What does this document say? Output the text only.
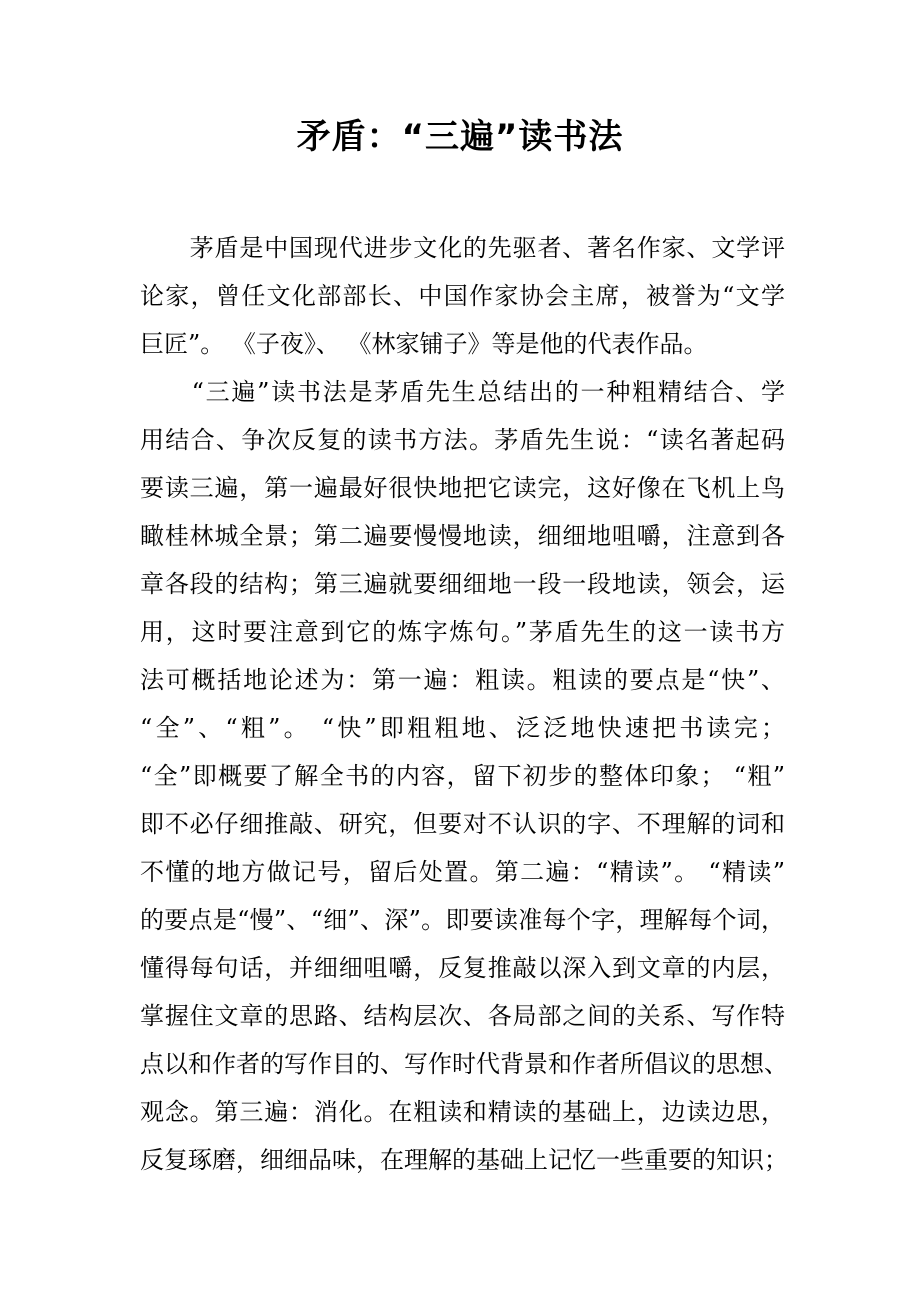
矛盾：“三遍”读书法

　　茅盾是中国现代进步文化的先驱者、著名作家、文学评
论家，曾任文化部部长、中国作家协会主席，被誉为“文学
巨匠”。 《子夜》、 《林家铺子》等是他的代表作品。

　　“三遍”读书法是茅盾先生总结出的一种粗精结合、学
用结合、争次反复的读书方法。茅盾先生说：“读名著起码
要读三遍，第一遍最好很快地把它读完，这好像在飞机上鸟
瞰桂林城全景；第二遍要慢慢地读，细细地咀嚼，注意到各
章各段的结构；第三遍就要细细地一段一段地读，领会，运
用，这时要注意到它的炼字炼句。”茅盾先生的这一读书方
法可概括地论述为：第一遍：粗读。粗读的要点是“快”、
“全”、“粗”。 “快”即粗粗地、泛泛地快速把书读完；
“全”即概要了解全书的内容，留下初步的整体印象； “粗”
即不必仔细推敲、研究，但要对不认识的字、不理解的词和
不懂的地方做记号，留后处置。第二遍：“精读”。 “精读”
的要点是“慢”、“细”、深”。即要读准每个字，理解每个词，
懂得每句话，并细细咀嚼，反复推敲以深入到文章的内层，
掌握住文章的思路、结构层次、各局部之间的关系、写作特
点以和作者的写作目的、写作时代背景和作者所倡议的思想、
观念。第三遍：消化。在粗读和精读的基础上，边读边思，
反复琢磨，细细品味，在理解的基础上记忆一些重要的知识；
